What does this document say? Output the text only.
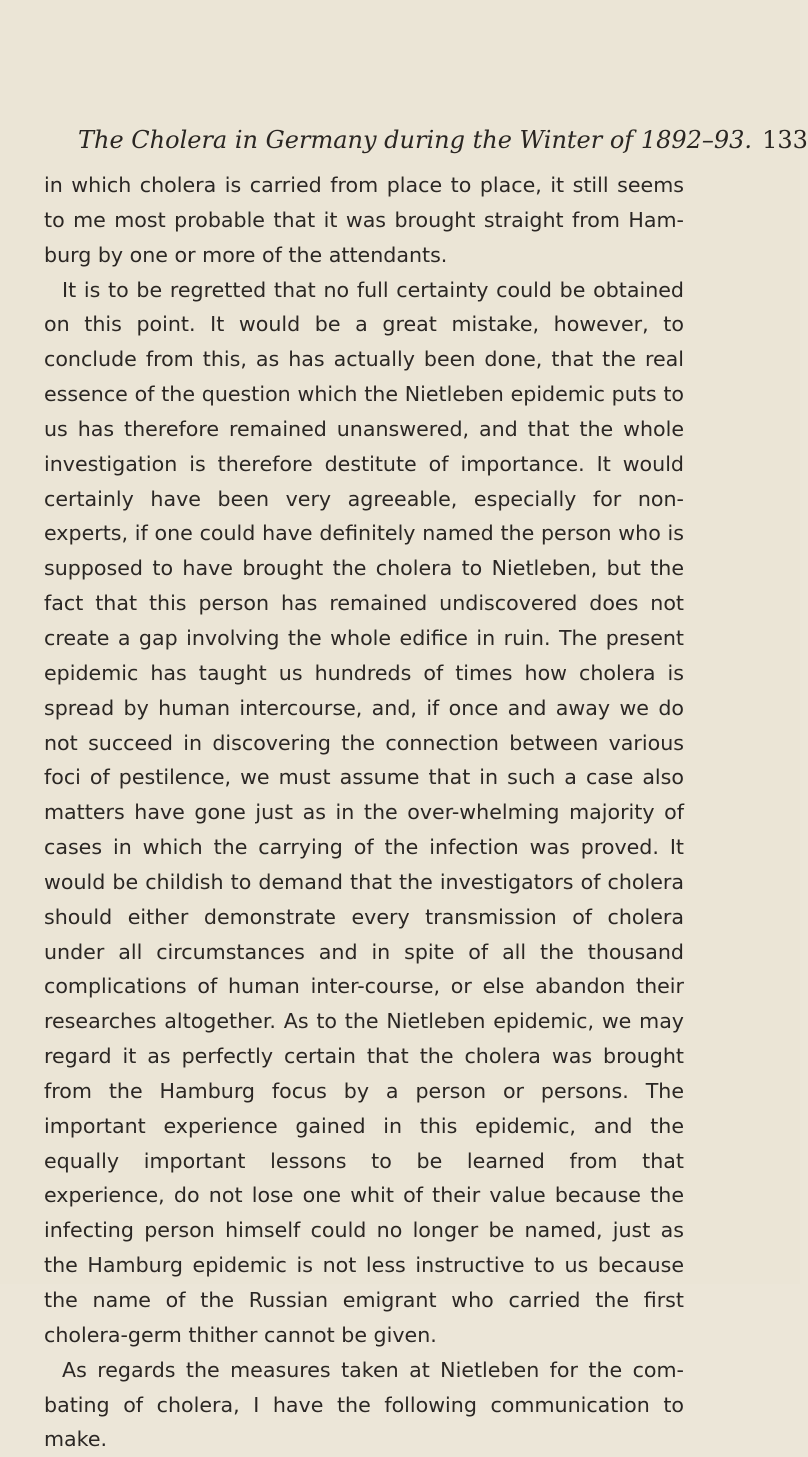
The Cholera in Germany during the Winter of 1892–93. 133

in which cholera is carried from place to place, it still seems to me most probable that it was brought straight from Ham-burg by one or more of the attendants.

It is to be regretted that no full certainty could be obtained on this point. It would be a great mistake, however, to conclude from this, as has actually been done, that the real essence of the question which the Nietleben epidemic puts to us has therefore remained unanswered, and that the whole investigation is therefore destitute of importance. It would certainly have been very agreeable, especially for non-experts, if one could have definitely named the person who is supposed to have brought the cholera to Nietleben, but the fact that this person has remained undiscovered does not create a gap involving the whole edifice in ruin. The present epidemic has taught us hundreds of times how cholera is spread by human intercourse, and, if once and away we do not succeed in discovering the connection between various foci of pestilence, we must assume that in such a case also matters have gone just as in the over-whelming majority of cases in which the carrying of the infection was proved. It would be childish to demand that the investigators of cholera should either demonstrate every transmission of cholera under all circumstances and in spite of all the thousand complications of human inter-course, or else abandon their researches altogether. As to the Nietleben epidemic, we may regard it as perfectly certain that the cholera was brought from the Hamburg focus by a person or persons. The important experience gained in this epidemic, and the equally important lessons to be learned from that experience, do not lose one whit of their value because the infecting person himself could no longer be named, just as the Hamburg epidemic is not less instructive to us because the name of the Russian emigrant who carried the first cholera-germ thither cannot be given.

As regards the measures taken at Nietleben for the com-bating of cholera, I have the following communication to make.
